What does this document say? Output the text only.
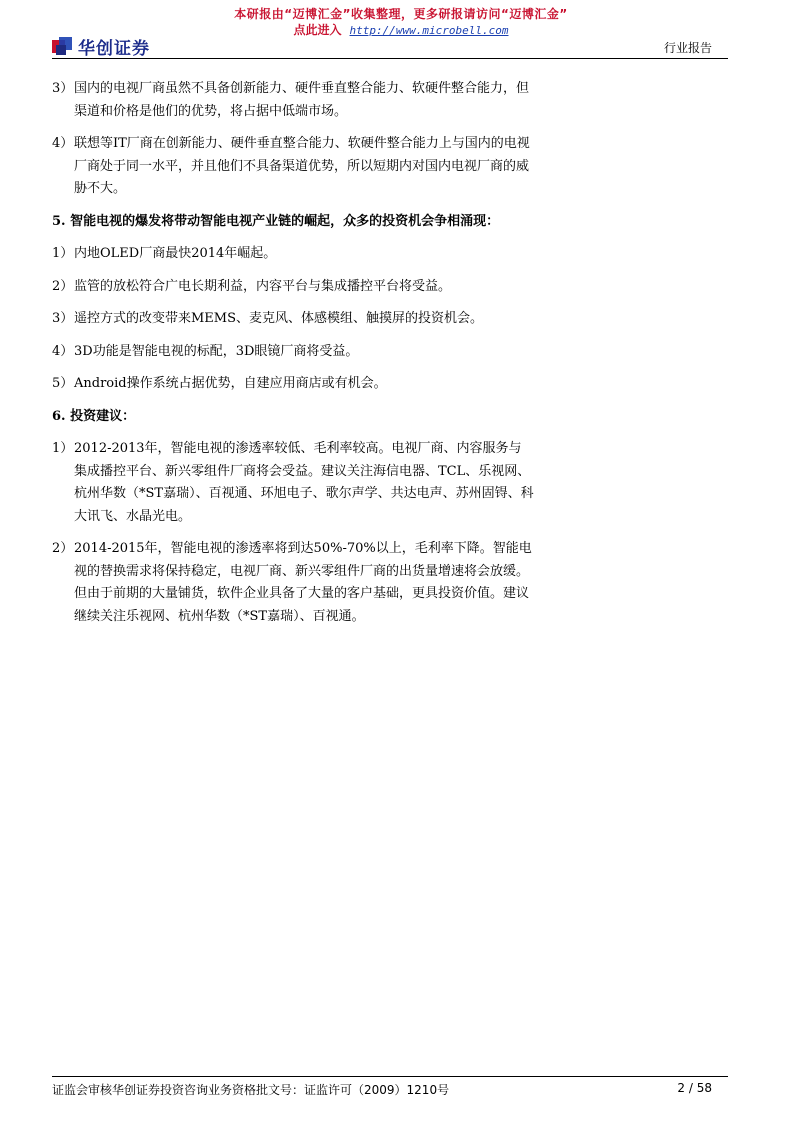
本研报由“迈博汇金”收集整理，更多研报请访问“迈博汇金”
点此进入 http://www.microbell.com
华创证券	行业报告
3） 国内的电视厂商虽然不具备创新能力、硬件垂直整合能力、软硬件整合能力，但渠道和价格是他们的优势，将占据中低端市场。
4） 联想等IT厂商在创新能力、硬件垂直整合能力、软硬件整合能力上与国内的电视厂商处于同一水平，并且他们不具备渠道优势，所以短期内对国内电视厂商的威胁不大。
5. 智能电视的爆发将带动智能电视产业链的崛起，众多的投资机会争相涌现：
1） 内地OLED厂商最快2014年崛起。
2） 监管的放松符合广电长期利益，内容平台与集成播控平台将受益。
3） 遥控方式的改变带来MEMS、麦克风、体感模组、触摸屏的投资机会。
4） 3D功能是智能电视的标配，3D眼镜厂商将受益。
5） Android操作系统占据优势，自建应用商店或有机会。
6. 投资建议：
1） 2012-2013年，智能电视的渗透率较低、毛利率较高。电视厂商、内容服务与集成播控平台、新兴零组件厂商将会受益。建议关注海信电器、TCL、乐视网、杭州华数（*ST嘉瑞）、百视通、环旭电子、歌尔声学、共达电声、苏州固锝、科大讯飞、水晶光电。
2） 2014-2015年，智能电视的渗透率将到达50%-70%以上，毛利率下降。智能电视的替换需求将保持稳定，电视厂商、新兴零组件厂商的出货量增速将会放缓。但由于前期的大量铺货，软件企业具备了大量的客户基础，更具投资价值。建议继续关注乐视网、杭州华数（*ST嘉瑞）、百视通。
证监会审核华创证券投资咨询业务资格批文号：证监许可（2009）1210号	2 / 58
